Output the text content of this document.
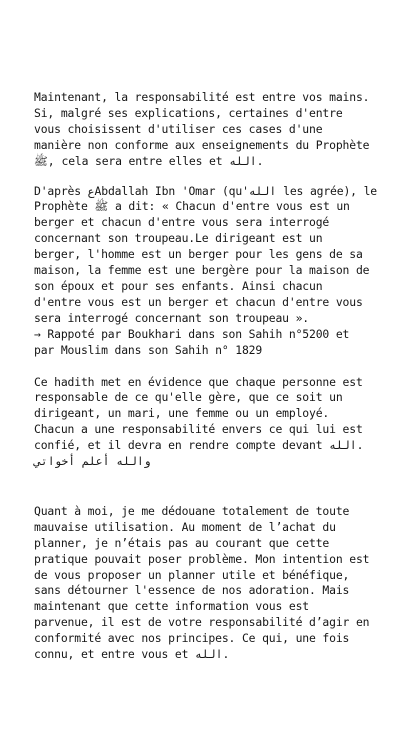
Maintenant, la responsabilité est entre vos mains.
Si, malgré ses explications, certaines d'entre
vous choisissent d'utiliser ces cases d'une
manière non conforme aux enseignements du Prophète
ﷺ, cela sera entre elles et الله.

D'après عAbdallah Ibn 'Omar (qu'الله les agrée), le
Prophète ﷺ a dit: « Chacun d'entre vous est un
berger et chacun d'entre vous sera interrogé
concernant son troupeau.Le dirigeant est un
berger, l'homme est un berger pour les gens de sa
maison, la femme est une bergère pour la maison de
son époux et pour ses enfants. Ainsi chacun
d'entre vous est un berger et chacun d'entre vous
sera interrogé concernant son troupeau ».
→ Rappoté par Boukhari dans son Sahih n°5200 et
par Mouslim dans son Sahih n° 1829

Ce hadith met en évidence que chaque personne est
responsable de ce qu'elle gère, que ce soit un
dirigeant, un mari, une femme ou un employé.
Chacun a une responsabilité envers ce qui lui est
confié, et il devra en rendre compte devant الله.

والله أعلم أخواتي

Quant à moi, je me dédouane totalement de toute
mauvaise utilisation. Au moment de l’achat du
planner, je n’étais pas au courant que cette
pratique pouvait poser problème. Mon intention est
de vous proposer un planner utile et bénéfique,
sans détourner l'essence de nos adoration. Mais
maintenant que cette information vous est
parvenue, il est de votre responsabilité d’agir en
conformité avec nos principes. Ce qui, une fois
connu, et entre vous et الله.
